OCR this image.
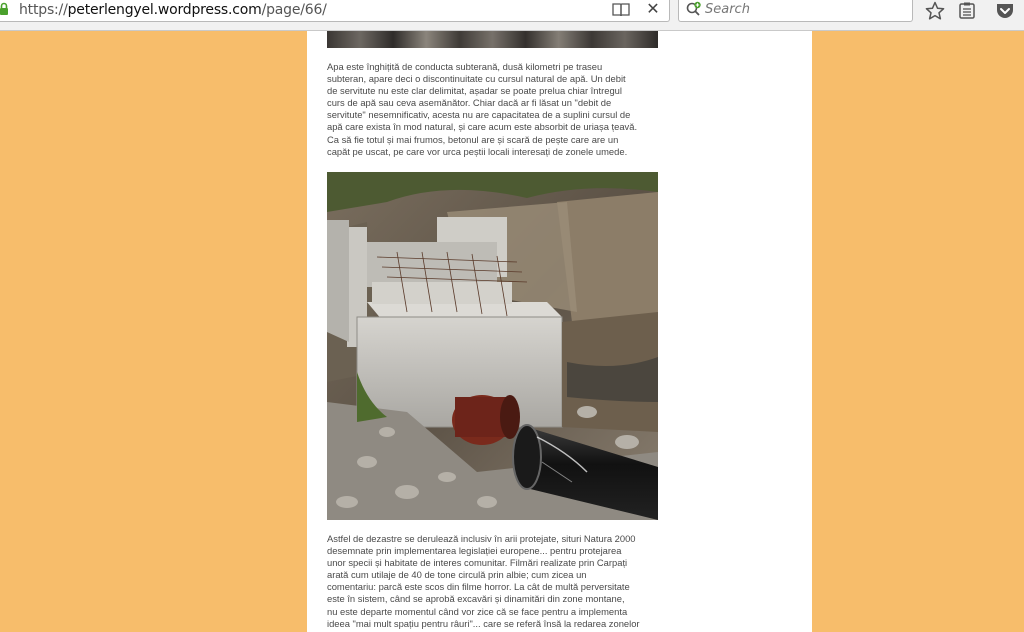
https://peterlengyel.wordpress.com/page/66/	✕
Search

Apa este înghițită de conducta subterană, dusă kilometri pe traseu
subteran, apare deci o discontinuitate cu cursul natural de apă. Un debit
de servitute nu este clar delimitat, așadar se poate prelua chiar întregul
curs de apă sau ceva asemănător. Chiar dacă ar fi lăsat un "debit de
servitute" nesemnificativ, acesta nu are capacitatea de a suplini cursul de
apă care exista în mod natural, și care acum este absorbit de uriașa țeavă.
Ca să fie totul și mai frumos, betonul are și scară de pește care are un
capăt pe uscat, pe care vor urca peștii locali interesați de zonele umede.

Astfel de dezastre se derulează inclusiv în arii protejate, situri Natura 2000
desemnate prin implementarea legislației europene... pentru protejarea
unor specii și habitate de interes comunitar. Filmări realizate prin Carpați
arată cum utilaje de 40 de tone circulă prin albie; cum zicea un
comentariu: parcă este scos din filme horror. La cât de multă perversitate
este în sistem, când se aprobă excavări și dinamitări din zone montane,
nu este departe momentul când vor zice că se face pentru a implementa
ideea "mai mult spațiu pentru râuri"... care se referă însă la redarea zonelor
